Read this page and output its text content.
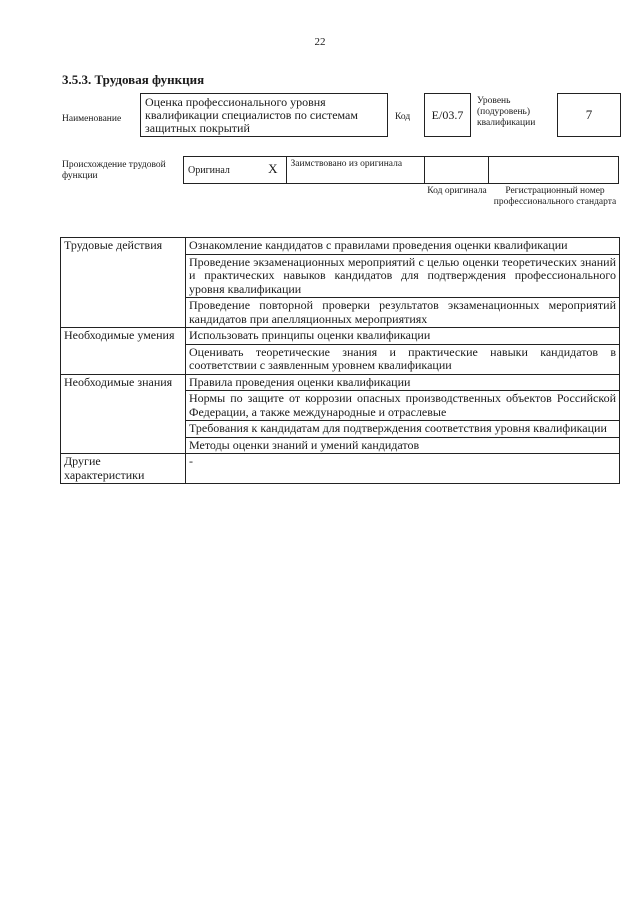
22
3.5.3. Трудовая функция
Наименование
Оценка профессионального уровня квалификации специалистов по системам защитных покрытий
Код	E/03.7
Уровень (подуровень) квалификации
7
Происхождение трудовой функции
Оригинал	X	Заимствовано из оригинала
Код оригинала	Регистрационный номер профессионального стандарта
Трудовые действия	Ознакомление кандидатов с правилами проведения оценки квалификации
	Проведение экзаменационных мероприятий с целью оценки теоретических знаний и практических навыков кандидатов для подтверждения профессионального уровня квалификации
	Проведение повторной проверки результатов экзаменационных мероприятий кандидатов при апелляционных мероприятиях
Необходимые умения	Использовать принципы оценки квалификации
	Оценивать теоретические знания и практические навыки кандидатов в соответствии с заявленным уровнем квалификации
Необходимые знания	Правила проведения оценки квалификации
	Нормы по защите от коррозии опасных производственных объектов Российской Федерации, а также международные и отраслевые
	Требования к кандидатам для подтверждения соответствия уровня квалификации
	Методы оценки знаний и умений кандидатов
Другие характеристики	-
